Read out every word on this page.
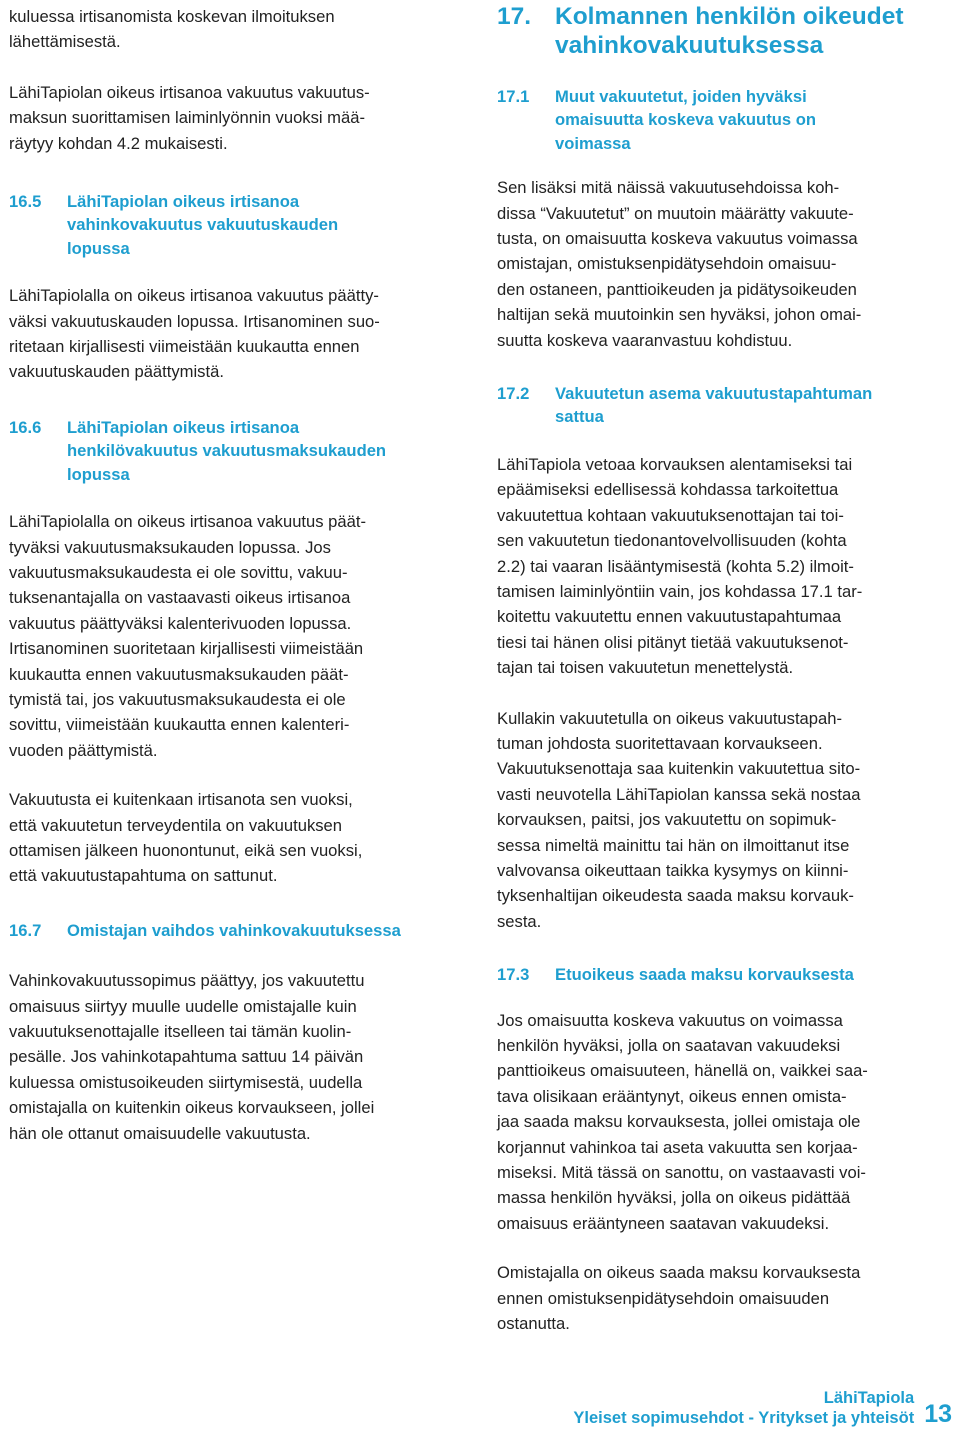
kuluessa irtisanomista koskevan ilmoituksen
lähettämisestä.

LähiTapiolan oikeus irtisanoa vakuutus vakuutus-
maksun suorittamisen laiminlyönnin vuoksi mää-
räytyy kohdan 4.2 mukaisesti.

16.5	LähiTapiolan oikeus irtisanoa
vahinkovakuutus vakuutuskauden
lopussa

LähiTapiolalla on oikeus irtisanoa vakuutus päätty-
väksi vakuutuskauden lopussa. Irtisanominen suo-
ritetaan kirjallisesti viimeistään kuukautta ennen
vakuutuskauden päättymistä.

16.6	LähiTapiolan oikeus irtisanoa
henkilövakuutus vakuutusmaksukauden
lopussa

LähiTapiolalla on oikeus irtisanoa vakuutus päät-
tyväksi vakuutusmaksukauden lopussa. Jos
vakuutusmaksukaudesta ei ole sovittu, vakuu-
tuksenantajalla on vastaavasti oikeus irtisanoa
vakuutus päättyväksi kalenterivuoden lopussa.
Irtisanominen suoritetaan kirjallisesti viimeistään
kuukautta ennen vakuutusmaksukauden päät-
tymistä tai, jos vakuutusmaksukaudesta ei ole
sovittu, viimeistään kuukautta ennen kalenteri-
vuoden päättymistä.

Vakuutusta ei kuitenkaan irtisanota sen vuoksi,
että vakuutetun terveydentila on vakuutuksen
ottamisen jälkeen huonontunut, eikä sen vuoksi,
että vakuutustapahtuma on sattunut.

16.7	Omistajan vaihdos vahinkovakuutuksessa

Vahinkovakuutussopimus päättyy, jos vakuutettu
omaisuus siirtyy muulle uudelle omistajalle kuin
vakuutuksenottajalle itselleen tai tämän kuolin-
pesälle. Jos vahinkotapahtuma sattuu 14 päivän
kuluessa omistusoikeuden siirtymisestä, uudella
omistajalla on kuitenkin oikeus korvaukseen, jollei
hän ole ottanut omaisuudelle vakuutusta.

17. Kolmannen henkilön oikeudet
vahinkovakuutuksessa
17.1	Muut vakuutetut, joiden hyväksi
omaisuutta koskeva vakuutus on
voimassa

Sen lisäksi mitä näissä vakuutusehdoissa koh-
dissa “Vakuutetut” on muutoin määrätty vakuute-
tusta, on omaisuutta koskeva vakuutus voimassa
omistajan, omistuksenpidätysehdoin omaisuu-
den ostaneen, panttioikeuden ja pidätysoikeuden
haltijan sekä muutoinkin sen hyväksi, johon omai-
suutta koskeva vaaranvastuu kohdistuu.

17.2	Vakuutetun asema vakuutustapahtuman
sattua

LähiTapiola vetoaa korvauksen alentamiseksi tai
epäämiseksi edellisessä kohdassa tarkoitettua
vakuutettua kohtaan vakuutuksenottajan tai toi-
sen vakuutetun tiedonantovelvollisuuden (kohta
2.2) tai vaaran lisääntymisestä (kohta 5.2) ilmoit-
tamisen laiminlyöntiin vain, jos kohdassa 17.1 tar-
koitettu vakuutettu ennen vakuutustapahtumaa
tiesi tai hänen olisi pitänyt tietää vakuutuksenot-
tajan tai toisen vakuutetun menettelystä.

Kullakin vakuutetulla on oikeus vakuutustapah-
tuman johdosta suoritettavaan korvaukseen.
Vakuutuksenottaja saa kuitenkin vakuutettua sito-
vasti neuvotella LähiTapiolan kanssa sekä nostaa
korvauksen, paitsi, jos vakuutettu on sopimuk-
sessa nimeltä mainittu tai hän on ilmoittanut itse
valvovansa oikeuttaan taikka kysymys on kiinni-
tyksenhaltijan oikeudesta saada maksu korvauk-
sesta.

17.3	Etuoikeus saada maksu korvauksesta

Jos omaisuutta koskeva vakuutus on voimassa
henkilön hyväksi, jolla on saatavan vakuudeksi
panttioikeus omaisuuteen, hänellä on, vaikkei saa-
tava olisikaan erääntynyt, oikeus ennen omista-
jaa saada maksu korvauksesta, jollei omistaja ole
korjannut vahinkoa tai aseta vakuutta sen korjaa-
miseksi. Mitä tässä on sanottu, on vastaavasti voi-
massa henkilön hyväksi, jolla on oikeus pidättää
omaisuus erääntyneen saatavan vakuudeksi.

Omistajalla on oikeus saada maksu korvauksesta
ennen omistuksenpidätysehdoin omaisuuden
ostanutta.

LähiTapiola
Yleiset sopimusehdot - Yritykset ja yhteisöt 13
